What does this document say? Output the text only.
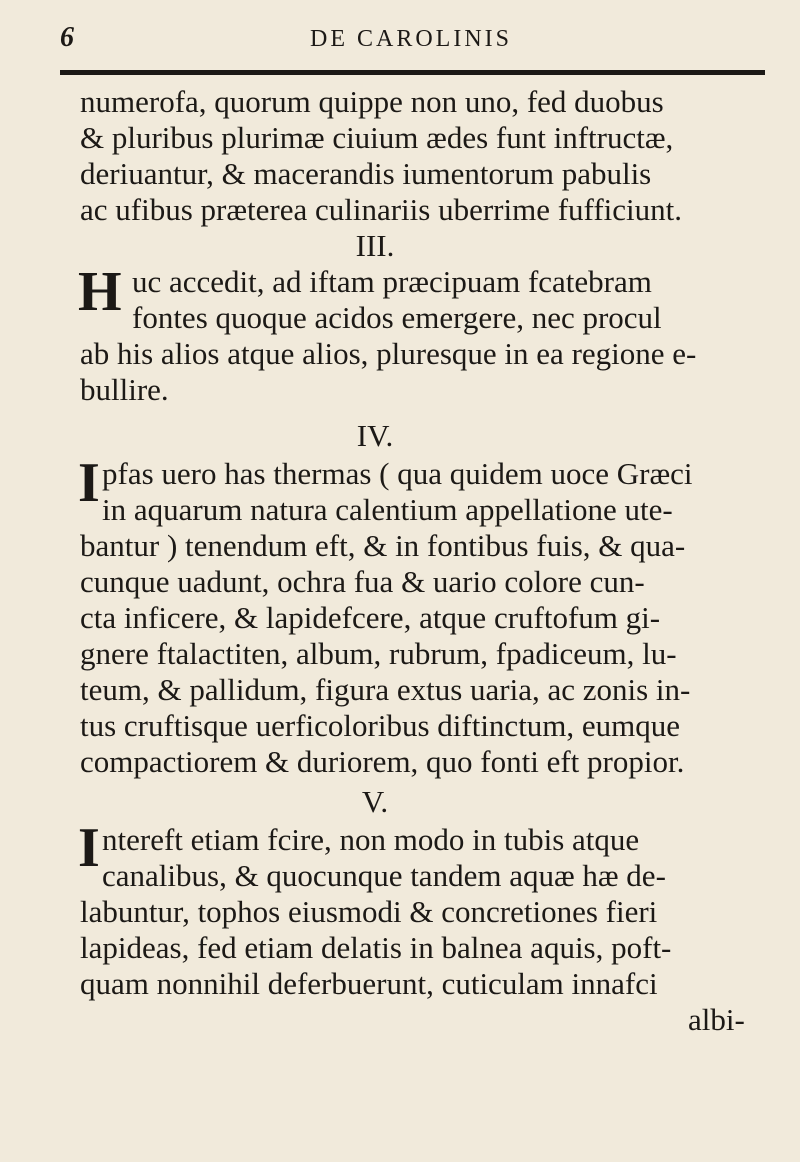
6	DE CAROLINIS
numerofa, quorum quippe non uno, fed duobus
& pluribus plurimæ ciuium ædes funt inftructæ,
deriuantur, & macerandis iumentorum pabulis
ac ufibus præterea culinariis uberrime fufficiunt.
III.
H uc accedit, ad iftam præcipuam fcatebram
fontes quoque acidos emergere, nec procul
ab his alios atque alios, pluresque in ea regione e-
bullire.
IV.
I pfas uero has thermas ( qua quidem uoce Græci
in aquarum natura calentium appellatione ute-
bantur ) tenendum eft, & in fontibus fuis, & qua-
cunque uadunt, ochra fua & uario colore cun-
cta inficere, & lapidefcere, atque cruftofum gi-
gnere ftalactiten, album, rubrum, fpadiceum, lu-
teum, & pallidum, figura extus uaria, ac zonis in-
tus cruftisque uerficoloribus diftinctum, eumque
compactiorem & duriorem, quo fonti eft propior.
V.
I ntereft etiam fcire, non modo in tubis atque
canalibus, & quocunque tandem aquæ hæ de-
labuntur, tophos eiusmodi & concretiones fieri
lapideas, fed etiam delatis in balnea aquis, poft-
quam nonnihil deferbuerunt, cuticulam innafci
albi-
